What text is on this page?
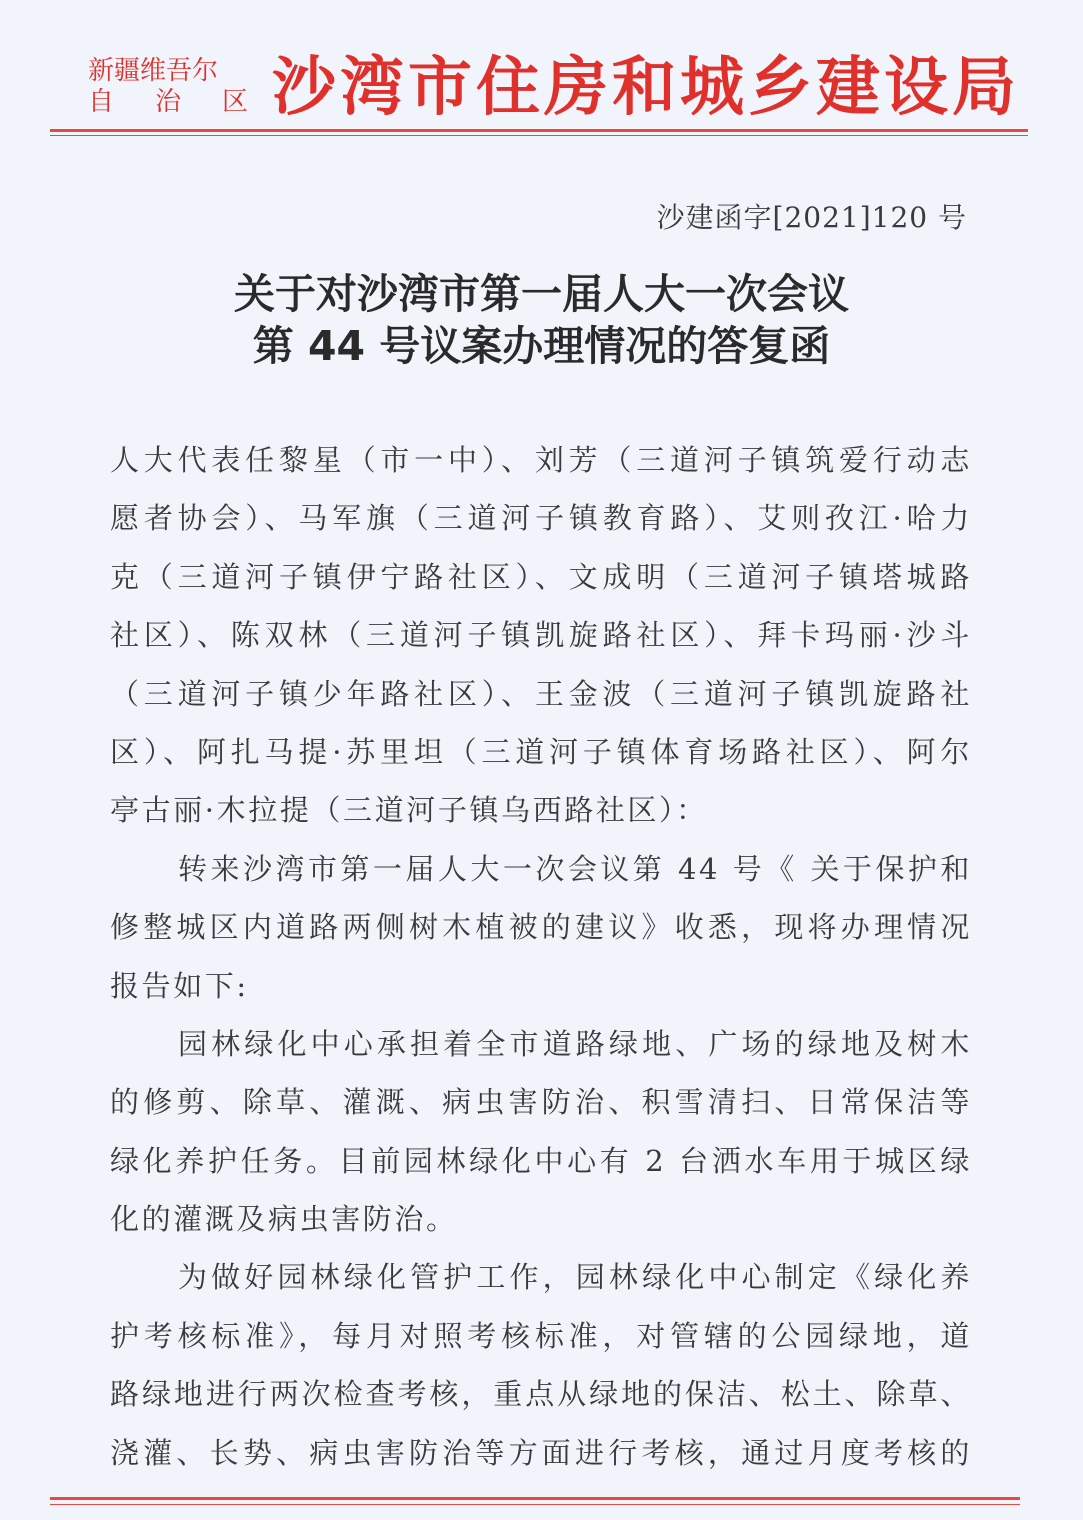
新疆维吾尔
自 治 区 沙湾市住房和城乡建设局
沙建函字[2021]120 号
关于对沙湾市第一届人大一次会议
第 44 号议案办理情况的答复函
人大代表任黎星（市一中）、刘芳（三道河子镇筑爱行动志
愿者协会）、马军旗（三道河子镇教育路）、艾则孜江·哈力
克（三道河子镇伊宁路社区）、文成明（三道河子镇塔城路
社区）、陈双林（三道河子镇凯旋路社区）、拜卡玛丽·沙斗
（三道河子镇少年路社区）、王金波（三道河子镇凯旋路社
区）、阿扎马提·苏里坦（三道河子镇体育场路社区）、阿尔
亭古丽·木拉提（三道河子镇乌西路社区）：
转来沙湾市第一届人大一次会议第 44 号《 关于保护和
修整城区内道路两侧树木植被的建议》收悉，现将办理情况
报告如下:
园林绿化中心承担着全市道路绿地、广场的绿地及树木
的修剪、除草、灌溉、病虫害防治、积雪清扫、日常保洁等
绿化养护任务。目前园林绿化中心有 2 台洒水车用于城区绿
化的灌溉及病虫害防治。
为做好园林绿化管护工作，园林绿化中心制定《绿化养
护考核标准》，每月对照考核标准，对管辖的公园绿地，道
路绿地进行两次检查考核，重点从绿地的保洁、松土、除草、
浇灌、长势、病虫害防治等方面进行考核，通过月度考核的
